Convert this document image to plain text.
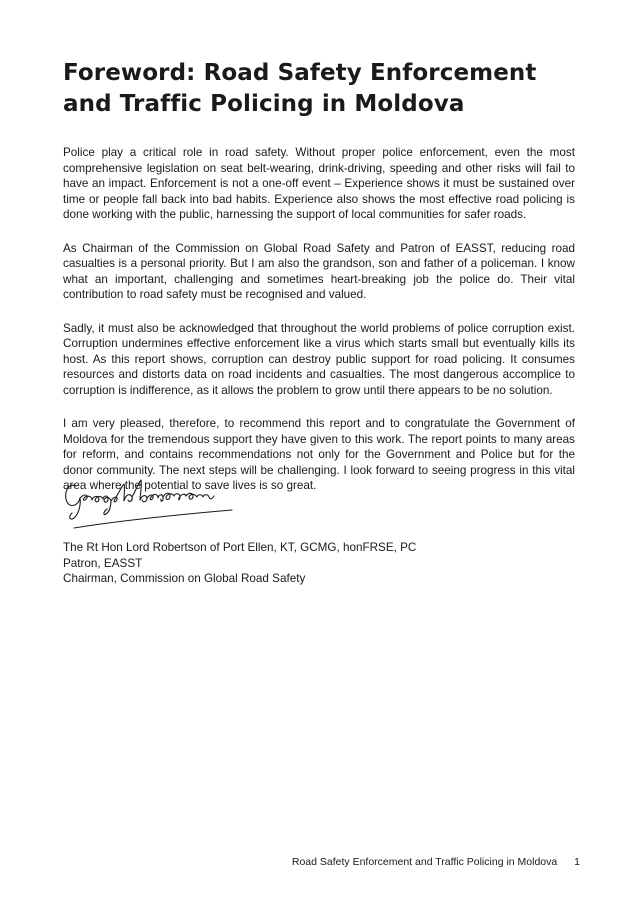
Foreword: Road Safety Enforcement and Traffic Policing in Moldova

Police play a critical role in road safety. Without proper police enforcement, even the most comprehensive legislation on seat belt-wearing, drink-driving, speeding and other risks will fail to have an impact. Enforcement is not a one-off event – Experience shows it must be sustained over time or people fall back into bad habits. Experience also shows the most effective road policing is done working with the public, harnessing the support of local communities for safer roads.

As Chairman of the Commission on Global Road Safety and Patron of EASST, reducing road casualties is a personal priority. But I am also the grandson, son and father of a policeman. I know what an important, challenging and sometimes heart-breaking job the police do. Their vital contribution to road safety must be recognised and valued.

Sadly, it must also be acknowledged that throughout the world problems of police corruption exist. Corruption undermines effective enforcement like a virus which starts small but eventually kills its host. As this report shows, corruption can destroy public support for road policing. It consumes resources and distorts data on road incidents and casualties. The most dangerous accomplice to corruption is indifference, as it allows the problem to grow until there appears to be no solution.

I am very pleased, therefore, to recommend this report and to congratulate the Government of Moldova for the tremendous support they have given to this work. The report points to many areas for reform, and contains recommendations not only for the Government and Police but for the donor community. The next steps will be challenging. I look forward to seeing progress in this vital area where the potential to save lives is so great.

The Rt Hon Lord Robertson of Port Ellen, KT, GCMG, honFRSE, PC
Patron, EASST
Chairman, Commission on Global Road Safety
Road Safety Enforcement and Traffic Policing in Moldova 1
